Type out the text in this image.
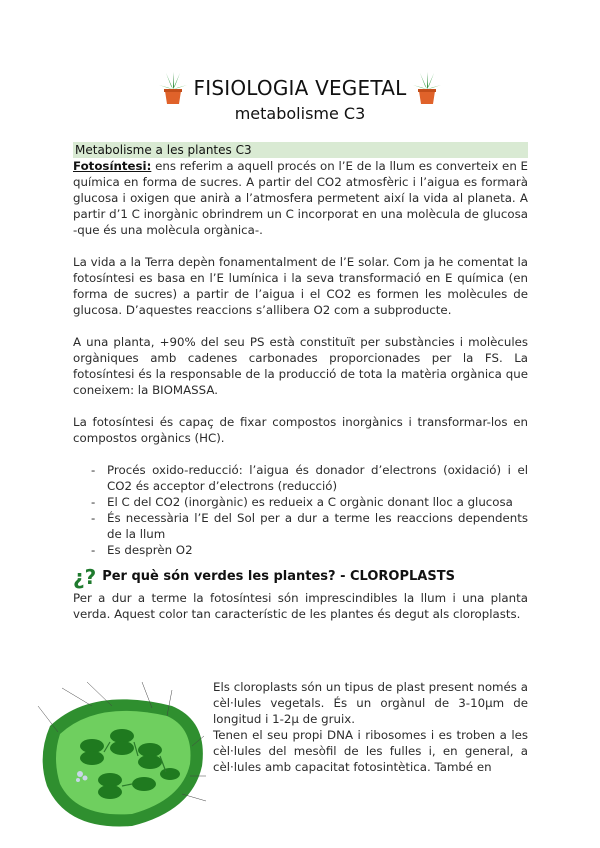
FISIOLOGIA VEGETAL
metabolisme C3
Metabolisme a les plantes C3

Fotosíntesi: ens referim a aquell procés on l’E de la llum es converteix en E química en forma de sucres. A partir del CO2 atmosfèric i l’aigua es formarà glucosa i oxigen que anirà a l’atmosfera permetent així la vida al planeta. A partir d’1 C inorgànic obrindrem un C incorporat en una molècula de glucosa -que és una molècula orgànica-.

La vida a la Terra depèn fonamentalment de l’E solar. Com ja he comentat la fotosíntesi es basa en l’E lumínica i la seva transformació en E química (en forma de sucres) a partir de l’aigua i el CO2 es formen les molècules de glucosa. D’aquestes reaccions s’allibera O2 com a subproducte.

A una planta, +90% del seu PS està constituït per substàncies i molècules orgàniques amb cadenes carbonades proporcionades per la FS. La fotosíntesi és la responsable de la producció de tota la matèria orgànica que coneixem: la BIOMASSA.

La fotosíntesi és capaç de fixar compostos inorgànics i transformar-los en compostos orgànics (HC).

- Procés oxido-reducció: l’aigua és donador d’electrons (oxidació) i el CO2 és acceptor d’electrons (reducció)
- El C del CO2 (inorgànic) es redueix a C orgànic donant lloc a glucosa
- És necessària l’E del Sol per a dur a terme les reaccions dependents de la llum
- Es desprèn O2
¿? Per què són verdes les plantes? - CLOROPLASTS

Per a dur a terme la fotosíntesi són imprescindibles la llum i una planta verda. Aquest color tan característic de les plantes és degut als cloroplasts.

Els cloroplasts són un tipus de plast present només a cèl·lules vegetals. És un orgànul de 3-10μm de longitud i 1-2μ de gruix.

Tenen el seu propi DNA i ribosomes i es troben a les cèl·lules del mesòfil de les fulles i, en general, a cèl·lules amb capacitat fotosintètica. També en
